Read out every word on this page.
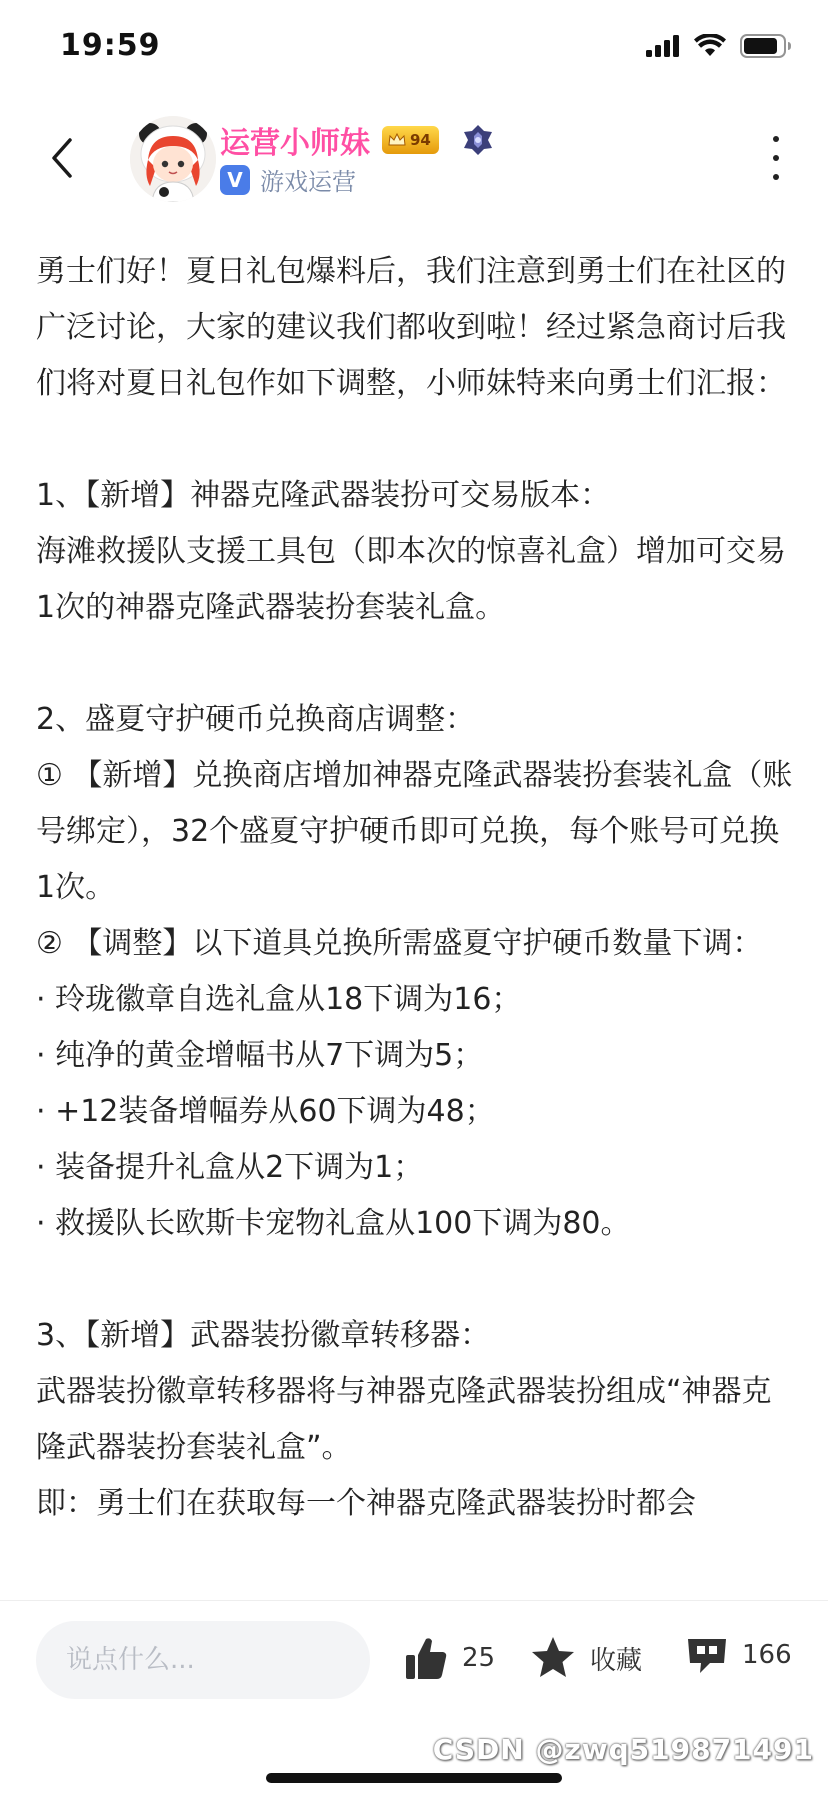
19:59
运营小师妹	94
V 游戏运营

勇士们好！夏日礼包爆料后，我们注意到勇士们在社区的广泛讨论，大家的建议我们都收到啦！经过紧急商讨后我们将对夏日礼包作如下调整，小师妹特来向勇士们汇报：

1、【新增】神器克隆武器装扮可交易版本：

海滩救援队支援工具包（即本次的惊喜礼盒）增加可交易1次的神器克隆武器装扮套装礼盒。

2、盛夏守护硬币兑换商店调整：

① 【新增】兑换商店增加神器克隆武器装扮套装礼盒（账号绑定），32个盛夏守护硬币即可兑换，每个账号可兑换1次。

② 【调整】以下道具兑换所需盛夏守护硬币数量下调：

· 玲珑徽章自选礼盒从18下调为16；

· 纯净的黄金增幅书从7下调为5；

· +12装备增幅券从60下调为48；

· 装备提升礼盒从2下调为1；

· 救援队长欧斯卡宠物礼盒从100下调为80。

3、【新增】武器装扮徽章转移器：

武器装扮徽章转移器将与神器克隆武器装扮组成“神器克隆武器装扮套装礼盒”。

即：勇士们在获取每一个神器克隆武器装扮时都会

说点什么...
25	收藏	166
CSDN @zwq519871491
